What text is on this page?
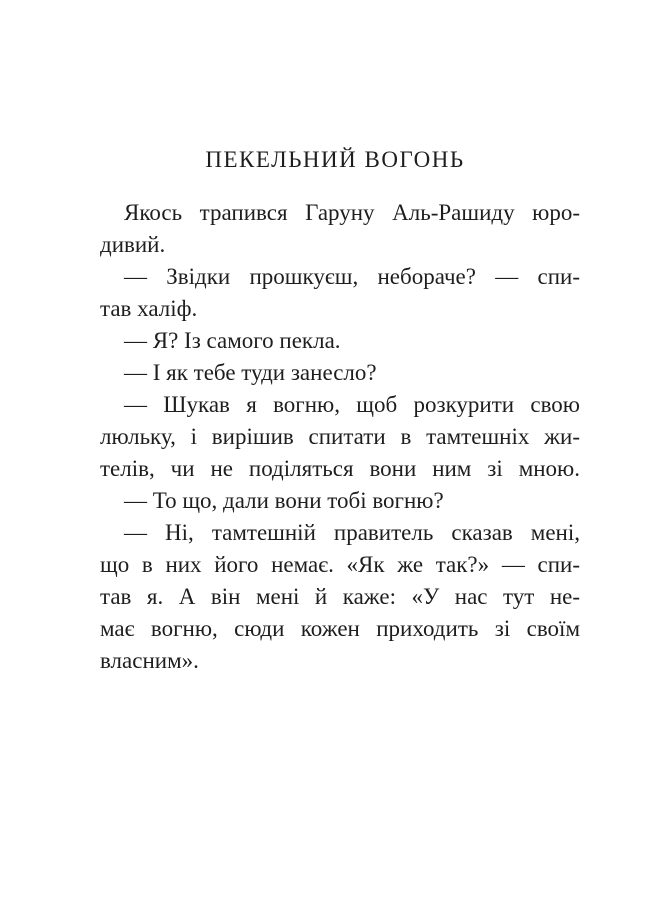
ПЕКЕЛЬНИЙ ВОГОНЬ
Якось трапився Гаруну Аль-Рашиду юро-
дивий.
— Звідки прошкуєш, небораче? — спи-
тав халіф.
— Я? Із самого пекла.
— І як тебе туди занесло?
— Шукав я вогню, щоб розкурити свою
люльку, і вирішив спитати в тамтешніх жи-
телів, чи не поділяться вони ним зі мною.
— То що, дали вони тобі вогню?
— Ні, тамтешній правитель сказав мені,
що в них його немає. «Як же так?» — спи-
тав я. А він мені й каже: «У нас тут не-
має вогню, сюди кожен приходить зі своїм
власним».
